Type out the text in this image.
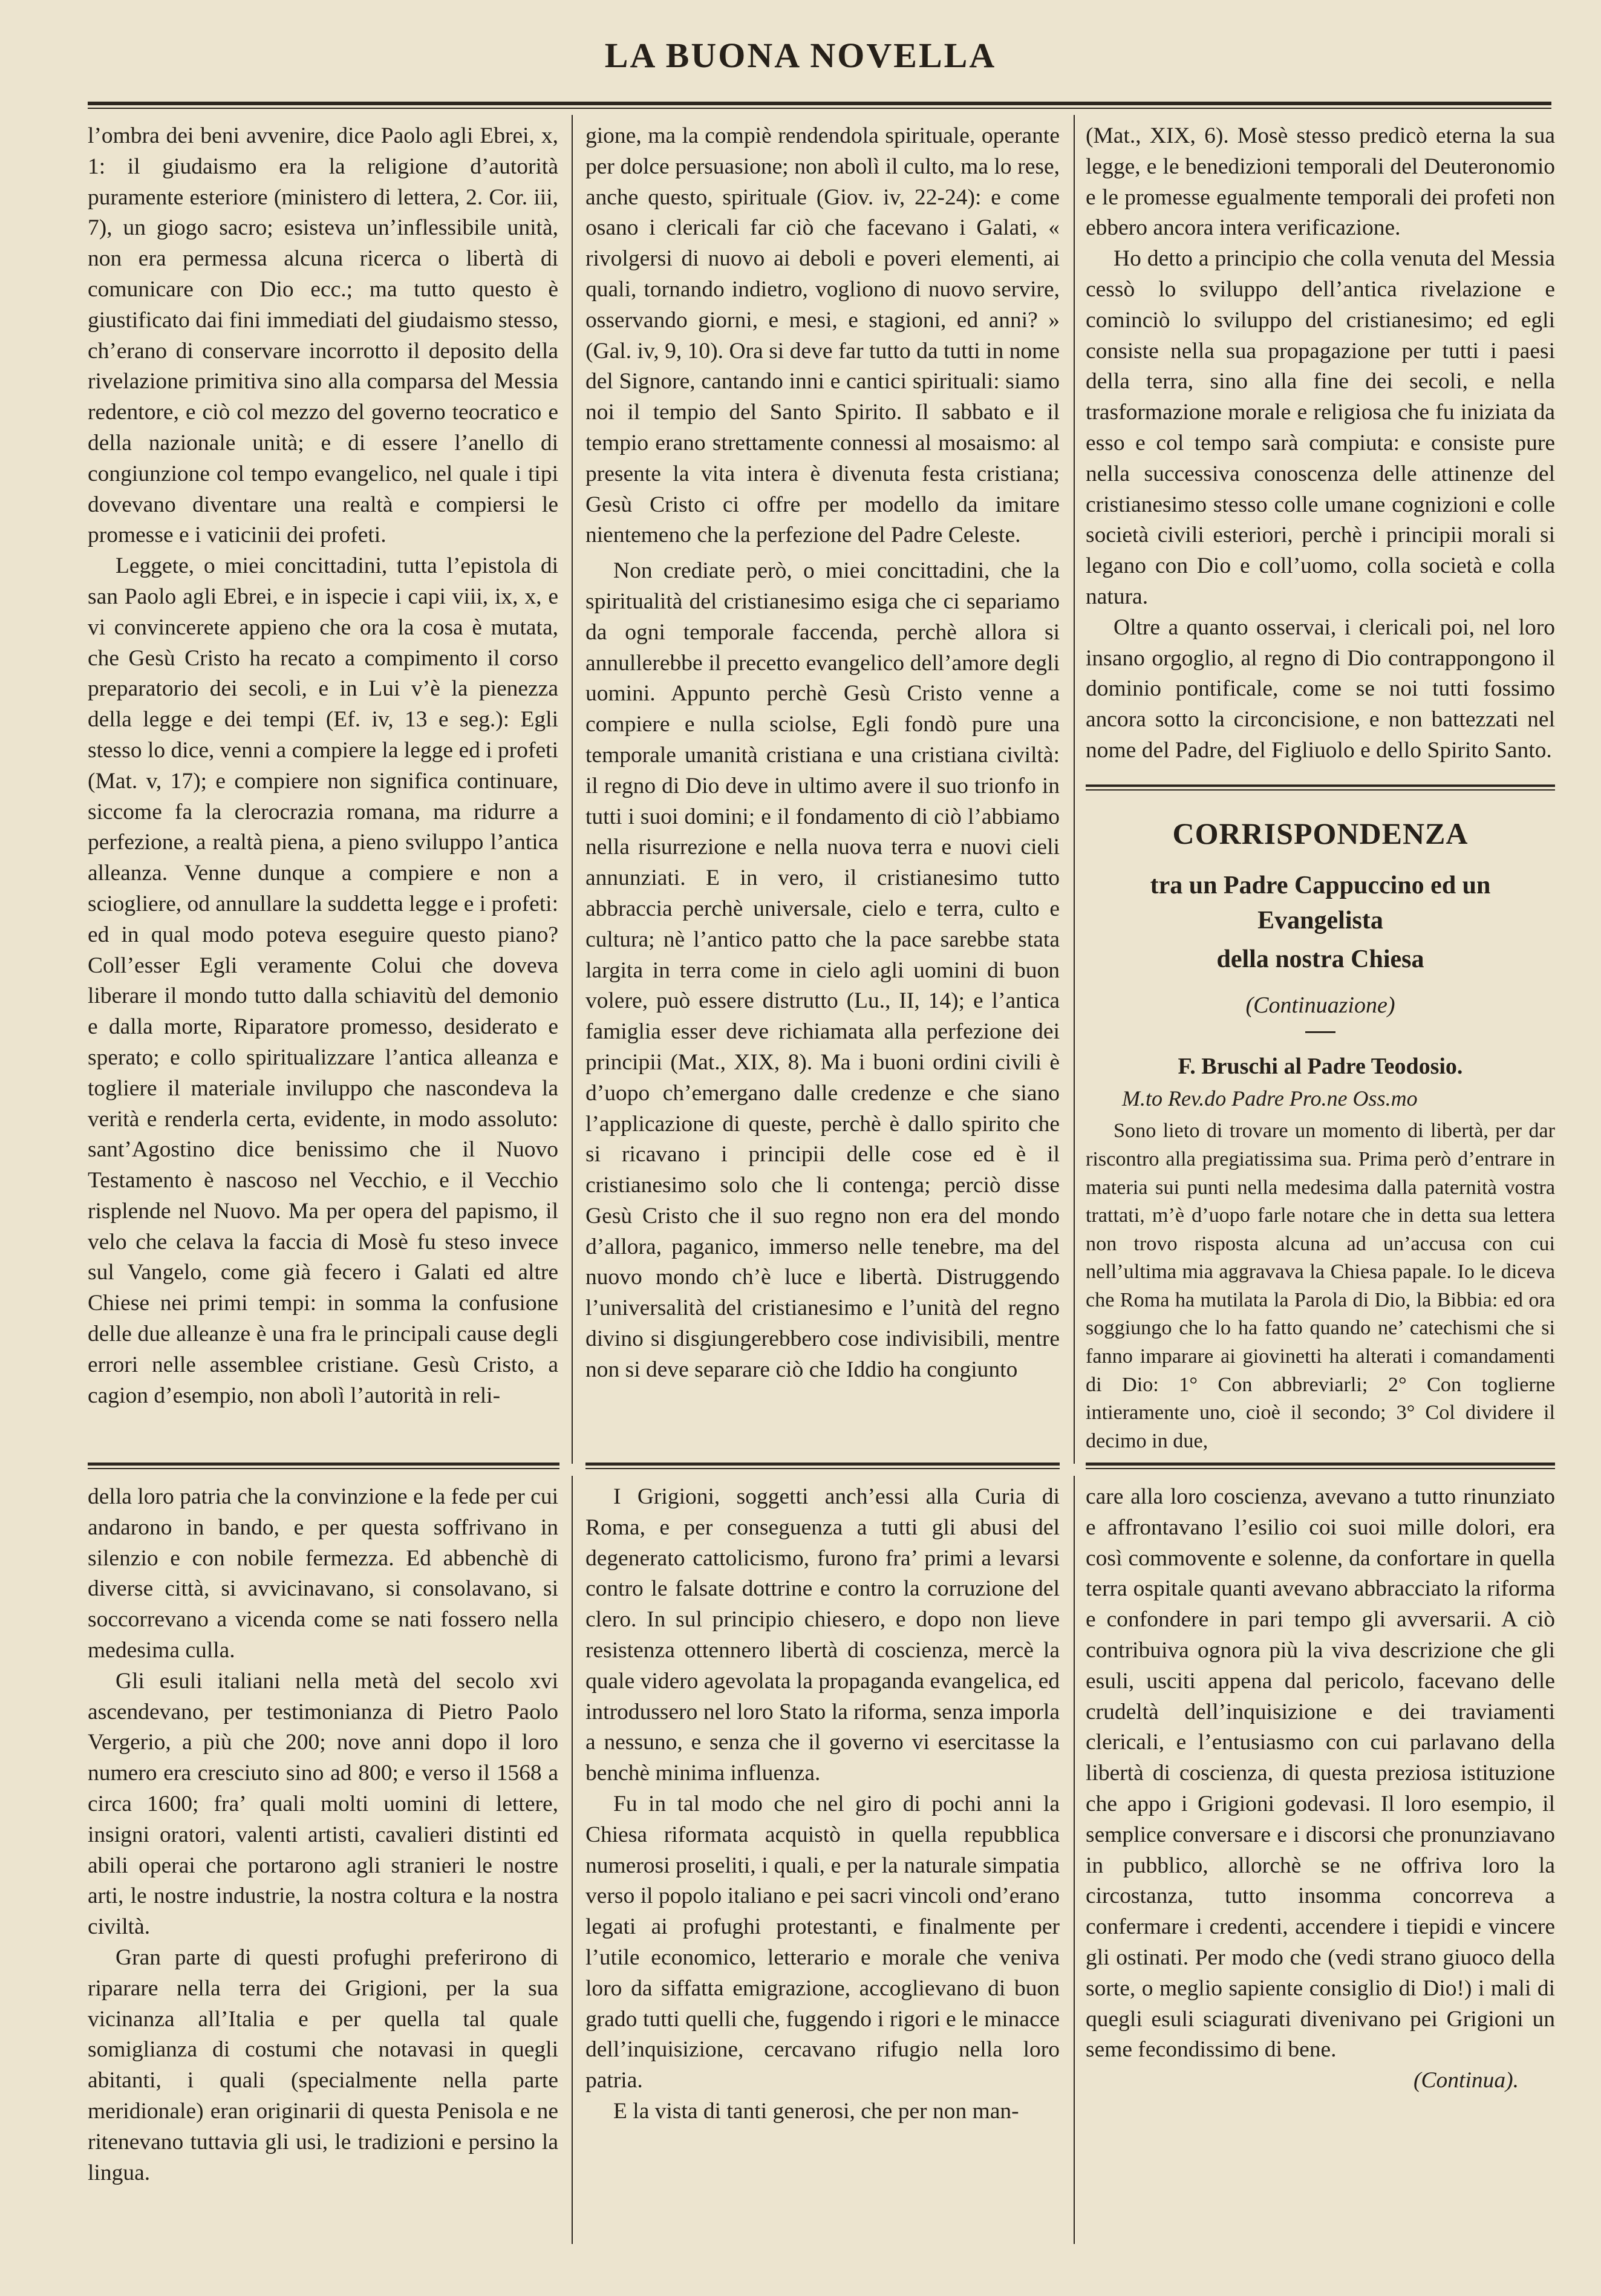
LA BUONA NOVELLA

l’ombra dei beni avvenire, dice Paolo agli Ebrei, x, 1: il giudaismo era la religione d’autorità puramente esteriore (ministero di lettera, 2. Cor. iii, 7), un giogo sacro; esisteva un’inflessibile unità, non era permessa alcuna ricerca o libertà di comunicare con Dio ecc.; ma tutto questo è giustificato dai fini immediati del giudaismo stesso, ch’erano di conservare incorrotto il deposito della rivelazione primitiva sino alla comparsa del Messia redentore, e ciò col mezzo del governo teocratico e della nazionale unità; e di essere l’anello di congiunzione col tempo evangelico, nel quale i tipi dovevano diventare una realtà e compiersi le promesse e i vaticinii dei profeti.

Leggete, o miei concittadini, tutta l’epistola di san Paolo agli Ebrei, e in ispecie i capi viii, ix, x, e vi convincerete appieno che ora la cosa è mutata, che Gesù Cristo ha recato a compimento il corso preparatorio dei secoli, e in Lui v’è la pienezza della legge e dei tempi (Ef. iv, 13 e seg.): Egli stesso lo dice, venni a compiere la legge ed i profeti (Mat. v, 17); e compiere non significa continuare, siccome fa la clerocrazia romana, ma ridurre a perfezione, a realtà piena, a pieno sviluppo l’antica alleanza. Venne dunque a compiere e non a sciogliere, od annullare la suddetta legge e i profeti: ed in qual modo poteva eseguire questo piano? Coll’esser Egli veramente Colui che doveva liberare il mondo tutto dalla schiavitù del demonio e dalla morte, Riparatore promesso, desiderato e sperato; e collo spiritualizzare l’antica alleanza e togliere il materiale inviluppo che nascondeva la verità e renderla certa, evidente, in modo assoluto: sant’Agostino dice benissimo che il Nuovo Testamento è nascoso nel Vecchio, e il Vecchio risplende nel Nuovo. Ma per opera del papismo, il velo che celava la faccia di Mosè fu steso invece sul Vangelo, come già fecero i Galati ed altre Chiese nei primi tempi: in somma la confusione delle due alleanze è una fra le principali cause degli errori nelle assemblee cristiane. Gesù Cristo, a cagion d’esempio, non abolì l’autorità in reli-

gione, ma la compiè rendendola spirituale, operante per dolce persuasione; non abolì il culto, ma lo rese, anche questo, spirituale (Giov. iv, 22-24): e come osano i clericali far ciò che facevano i Galati, « rivolgersi di nuovo ai deboli e poveri elementi, ai quali, tornando indietro, vogliono di nuovo servire, osservando giorni, e mesi, e stagioni, ed anni? » (Gal. iv, 9, 10). Ora si deve far tutto da tutti in nome del Signore, cantando inni e cantici spirituali: siamo noi il tempio del Santo Spirito. Il sabbato e il tempio erano strettamente connessi al mosaismo: al presente la vita intera è divenuta festa cristiana; Gesù Cristo ci offre per modello da imitare nientemeno che la perfezione del Padre Celeste.

Non crediate però, o miei concittadini, che la spiritualità del cristianesimo esiga che ci separiamo da ogni temporale faccenda, perchè allora si annullerebbe il precetto evangelico dell’amore degli uomini. Appunto perchè Gesù Cristo venne a compiere e nulla sciolse, Egli fondò pure una temporale umanità cristiana e una cristiana civiltà: il regno di Dio deve in ultimo avere il suo trionfo in tutti i suoi domini; e il fondamento di ciò l’abbiamo nella risurrezione e nella nuova terra e nuovi cieli annunziati. E in vero, il cristianesimo tutto abbraccia perchè universale, cielo e terra, culto e cultura; nè l’antico patto che la pace sarebbe stata largita in terra come in cielo agli uomini di buon volere, può essere distrutto (Lu., II, 14); e l’antica famiglia esser deve richiamata alla perfezione dei principii (Mat., XIX, 8). Ma i buoni ordini civili è d’uopo ch’emergano dalle credenze e che siano l’applicazione di queste, perchè è dallo spirito che si ricavano i principii delle cose ed è il cristianesimo solo che li contenga; perciò disse Gesù Cristo che il suo regno non era del mondo d’allora, paganico, immerso nelle tenebre, ma del nuovo mondo ch’è luce e libertà. Distruggendo l’universalità del cristianesimo e l’unità del regno divino si disgiungerebbero cose indivisibili, mentre non si deve separare ciò che Iddio ha congiunto

(Mat., XIX, 6). Mosè stesso predicò eterna la sua legge, e le benedizioni temporali del Deuteronomio e le promesse egualmente temporali dei profeti non ebbero ancora intera verificazione.

Ho detto a principio che colla venuta del Messia cessò lo sviluppo dell’antica rivelazione e cominciò lo sviluppo del cristianesimo; ed egli consiste nella sua propagazione per tutti i paesi della terra, sino alla fine dei secoli, e nella trasformazione morale e religiosa che fu iniziata da esso e col tempo sarà compiuta: e consiste pure nella successiva conoscenza delle attinenze del cristianesimo stesso colle umane cognizioni e colle società civili esteriori, perchè i principii morali si legano con Dio e coll’uomo, colla società e colla natura.

Oltre a quanto osservai, i clericali poi, nel loro insano orgoglio, al regno di Dio contrappongono il dominio pontificale, come se noi tutti fossimo ancora sotto la circoncisione, e non battezzati nel nome del Padre, del Figliuolo e dello Spirito Santo.

CORRISPONDENZA
tra un Padre Cappuccino ed un Evangelista
della nostra Chiesa
(Continuazione)
F. Bruschi al Padre Teodosio.
M.to Rev.do Padre Pro.ne Oss.mo

Sono lieto di trovare un momento di libertà, per dar riscontro alla pregiatissima sua. Prima però d’entrare in materia sui punti nella medesima dalla paternità vostra trattati, m’è d’uopo farle notare che in detta sua lettera non trovo risposta alcuna ad un’accusa con cui nell’ultima mia aggravava la Chiesa papale. Io le diceva che Roma ha mutilata la Parola di Dio, la Bibbia: ed ora soggiungo che lo ha fatto quando ne’ catechismi che si fanno imparare ai giovinetti ha alterati i comandamenti di Dio: 1° Con abbreviarli; 2° Con toglierne intieramente uno, cioè il secondo; 3° Col dividere il decimo in due,

della loro patria che la convinzione e la fede per cui andarono in bando, e per questa soffrivano in silenzio e con nobile fermezza. Ed abbenchè di diverse città, si avvicinavano, si consolavano, si soccorrevano a vicenda come se nati fossero nella medesima culla.

Gli esuli italiani nella metà del secolo xvi ascendevano, per testimonianza di Pietro Paolo Vergerio, a più che 200; nove anni dopo il loro numero era cresciuto sino ad 800; e verso il 1568 a circa 1600; fra’ quali molti uomini di lettere, insigni oratori, valenti artisti, cavalieri distinti ed abili operai che portarono agli stranieri le nostre arti, le nostre industrie, la nostra coltura e la nostra civiltà.

Gran parte di questi profughi preferirono di riparare nella terra dei Grigioni, per la sua vicinanza all’Italia e per quella tal quale somiglianza di costumi che notavasi in quegli abitanti, i quali (specialmente nella parte meridionale) eran originarii di questa Penisola e ne ritenevano tuttavia gli usi, le tradizioni e persino la lingua.

I Grigioni, soggetti anch’essi alla Curia di Roma, e per conseguenza a tutti gli abusi del degenerato cattolicismo, furono fra’ primi a levarsi contro le falsate dottrine e contro la corruzione del clero. In sul principio chiesero, e dopo non lieve resistenza ottennero libertà di coscienza, mercè la quale videro agevolata la propaganda evangelica, ed introdussero nel loro Stato la riforma, senza imporla a nessuno, e senza che il governo vi esercitasse la benchè minima influenza.

Fu in tal modo che nel giro di pochi anni la Chiesa riformata acquistò in quella repubblica numerosi proseliti, i quali, e per la naturale simpatia verso il popolo italiano e pei sacri vincoli ond’erano legati ai profughi protestanti, e finalmente per l’utile economico, letterario e morale che veniva loro da siffatta emigrazione, accoglievano di buon grado tutti quelli che, fuggendo i rigori e le minacce dell’inquisizione, cercavano rifugio nella loro patria.

E la vista di tanti generosi, che per non man-

care alla loro coscienza, avevano a tutto rinunziato e affrontavano l’esilio coi suoi mille dolori, era così commovente e solenne, da confortare in quella terra ospitale quanti avevano abbracciato la riforma e confondere in pari tempo gli avversarii. A ciò contribuiva ognora più la viva descrizione che gli esuli, usciti appena dal pericolo, facevano delle crudeltà dell’inquisizione e dei traviamenti clericali, e l’entusiasmo con cui parlavano della libertà di coscienza, di questa preziosa istituzione che appo i Grigioni godevasi. Il loro esempio, il semplice conversare e i discorsi che pronunziavano in pubblico, allorchè se ne offriva loro la circostanza, tutto insomma concorreva a confermare i credenti, accendere i tiepidi e vincere gli ostinati. Per modo che (vedi strano giuoco della sorte, o meglio sapiente consiglio di Dio!) i mali di quegli esuli sciagurati divenivano pei Grigioni un seme fecondissimo di bene.

(Continua).
